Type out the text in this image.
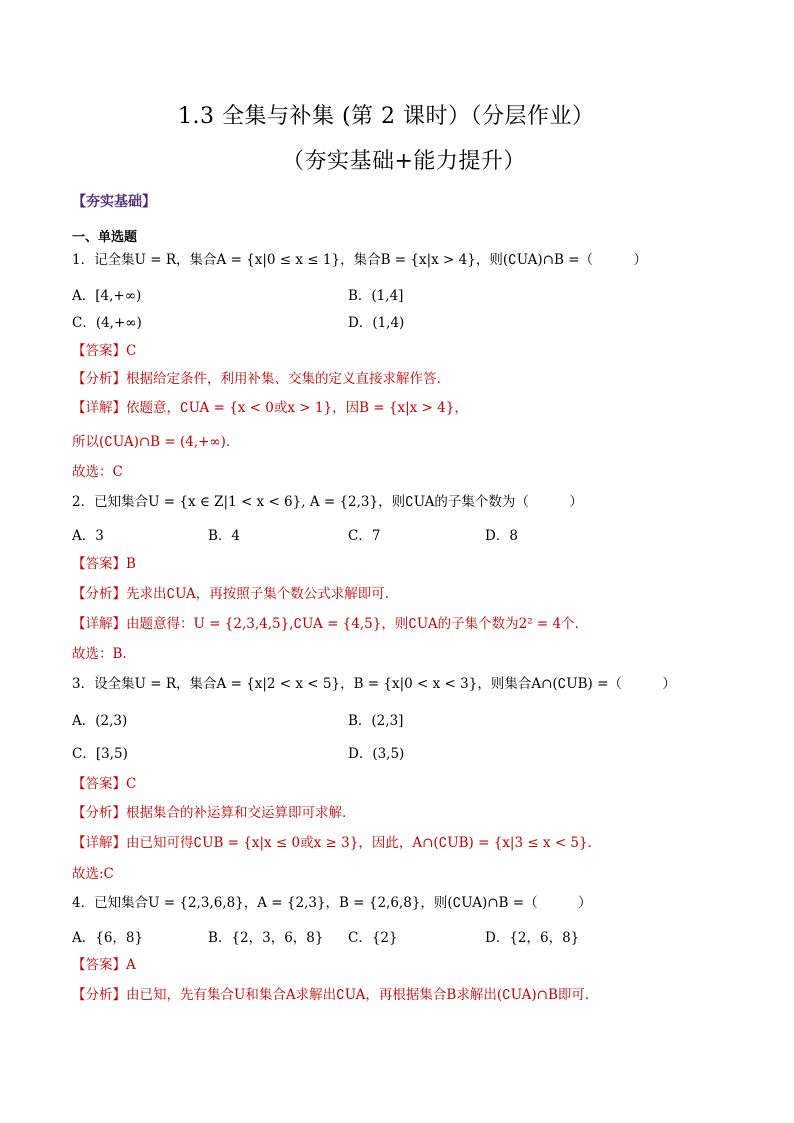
1.3 全集与补集 (第 2 课时）（分层作业）
（夯实基础+能力提升）
【夯实基础】
一、单选题
1．记全集U = R，集合A = {x|0 ≤ x ≤ 1}，集合B = {x|x > 4}，则(∁UA)∩B =（　　　）
A．[4,+∞)	B．(1,4]
C．(4,+∞)	D．(1,4)
【答案】C
【分析】根据给定条件，利用补集、交集的定义直接求解作答.
【详解】依题意，∁UA = {x < 0或x > 1}，因B = {x|x > 4}，
所以(∁UA)∩B = (4,+∞).
故选：C
2．已知集合U = {x ∈ Z|1 < x < 6}, A = {2,3}，则∁UA的子集个数为（　　　）
A．3	B．4	C．7	D．8
【答案】B
【分析】先求出∁UA，再按照子集个数公式求解即可.
【详解】由题意得：U = {2,3,4,5},∁UA = {4,5}，则∁UA的子集个数为2² = 4个.
故选：B.
3．设全集U = R，集合A = {x|2 < x < 5}，B = {x|0 < x < 3}，则集合A∩(∁UB) =（　　　）
A．(2,3)	B．(2,3]
C．[3,5)	D．(3,5)
【答案】C
【分析】根据集合的补运算和交运算即可求解.
【详解】由已知可得∁UB = {x|x ≤ 0或x ≥ 3}，因此，A∩(∁UB) = {x|3 ≤ x < 5}.
故选:C
4．已知集合U = {2,3,6,8}，A = {2,3}，B = {2,6,8}，则(∁UA)∩B =（　　　）
A．{6，8}	B．{2，3，6，8} C．{2}	D．{2，6，8}
【答案】A
【分析】由已知，先有集合U和集合A求解出∁UA，再根据集合B求解出(∁UA)∩B即可.
